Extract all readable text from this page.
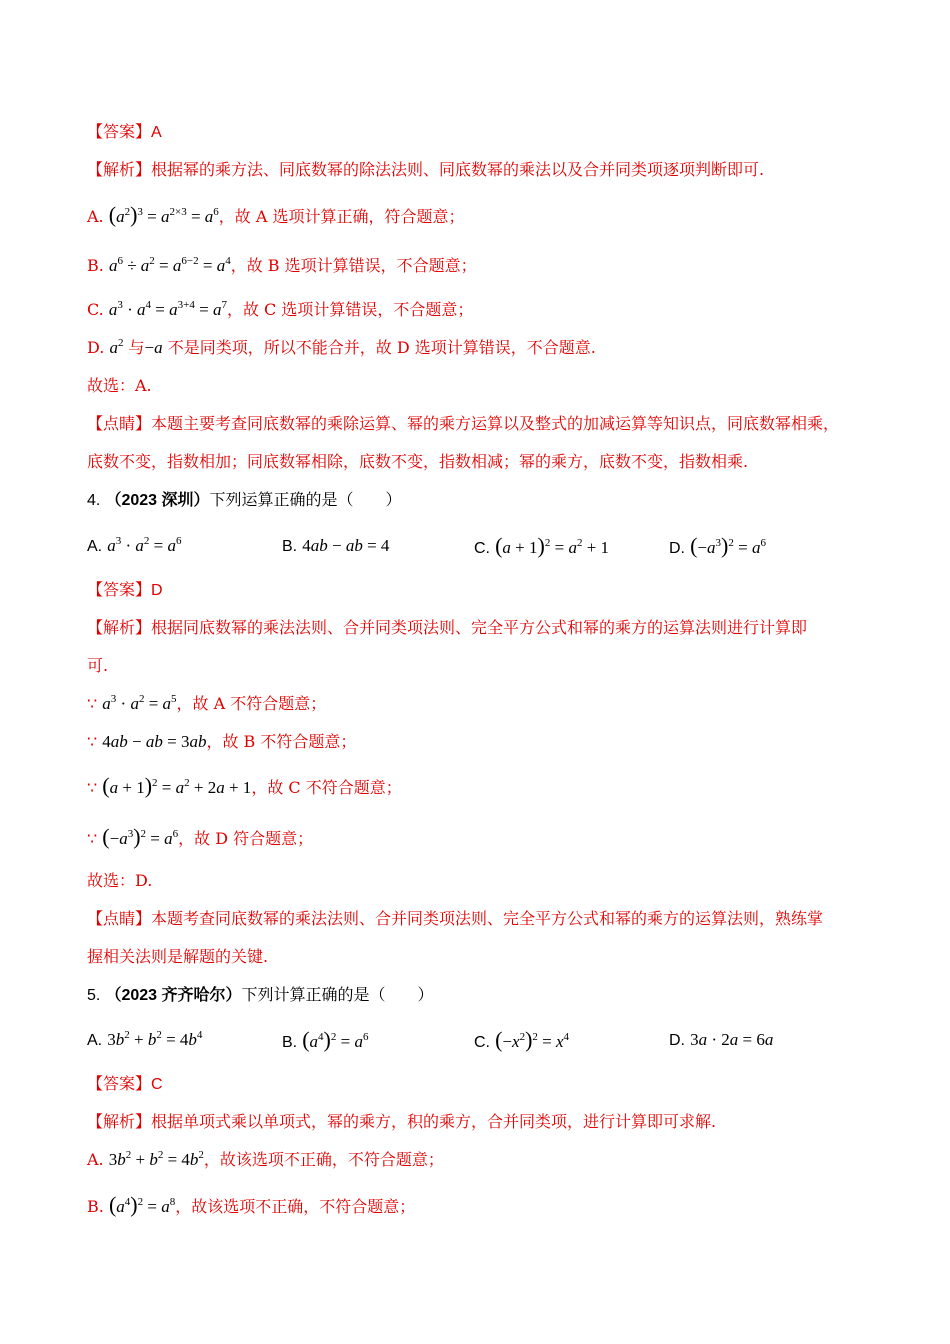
【答案】A
【解析】根据幂的乘方法、同底数幂的除法法则、同底数幂的乘法以及合并同类项逐项判断即可.
A. $(a^2)^3 = a^{2\times 3} = a^6$，故 A 选项计算正确，符合题意；
B. $a^6 \div a^2 = a^{6-2} = a^4$，故 B 选项计算错误，不合题意；
C. $a^3 \cdot a^4 = a^{3+4} = a^7$，故 C 选项计算错误，不合题意；
D. $a^2$ 与−a 不是同类项，所以不能合并，故 D 选项计算错误，不合题意.
故选：A.
【点睛】本题主要考查同底数幂的乘除运算、幂的乘方运算以及整式的加减运算等知识点，同底数幂相乘，
底数不变，指数相加；同底数幂相除，底数不变，指数相减；幂的乘方，底数不变，指数相乘.
4. （2023 深圳）下列运算正确的是（　　）
A. $a^3 \cdot a^2 = a^6$	B. 4ab − ab = 4	C. $(a + 1)^2 = a^2 + 1$	D. $(-a^3)^2 = a^6$
【答案】D
【解析】根据同底数幂的乘法法则、合并同类项法则、完全平方公式和幂的乘方的运算法则进行计算即
可.
∵ $a^3 \cdot a^2 = a^5$，故 A 不符合题意；
∵ 4ab − ab = 3ab，故 B 不符合题意；
∵ $(a + 1)^2 = a^2 + 2a + 1$，故 C 不符合题意；
∵ $(-a^3)^2 = a^6$，故 D 符合题意；
故选：D.
【点睛】本题考查同底数幂的乘法法则、合并同类项法则、完全平方公式和幂的乘方的运算法则，熟练掌
握相关法则是解题的关键.
5. （2023 齐齐哈尔）下列计算正确的是（　　）
A. $3b^2 + b^2 = 4b^4$	B. $(a^4)^2 = a^6$	C. $(-x^2)^2 = x^4$	D. 3a · 2a = 6a
【答案】C
【解析】根据单项式乘以单项式，幂的乘方，积的乘方，合并同类项，进行计算即可求解.
A. $3b^2 + b^2 = 4b^2$，故该选项不正确，不符合题意；
B. $(a^4)^2 = a^8$，故该选项不正确，不符合题意；
